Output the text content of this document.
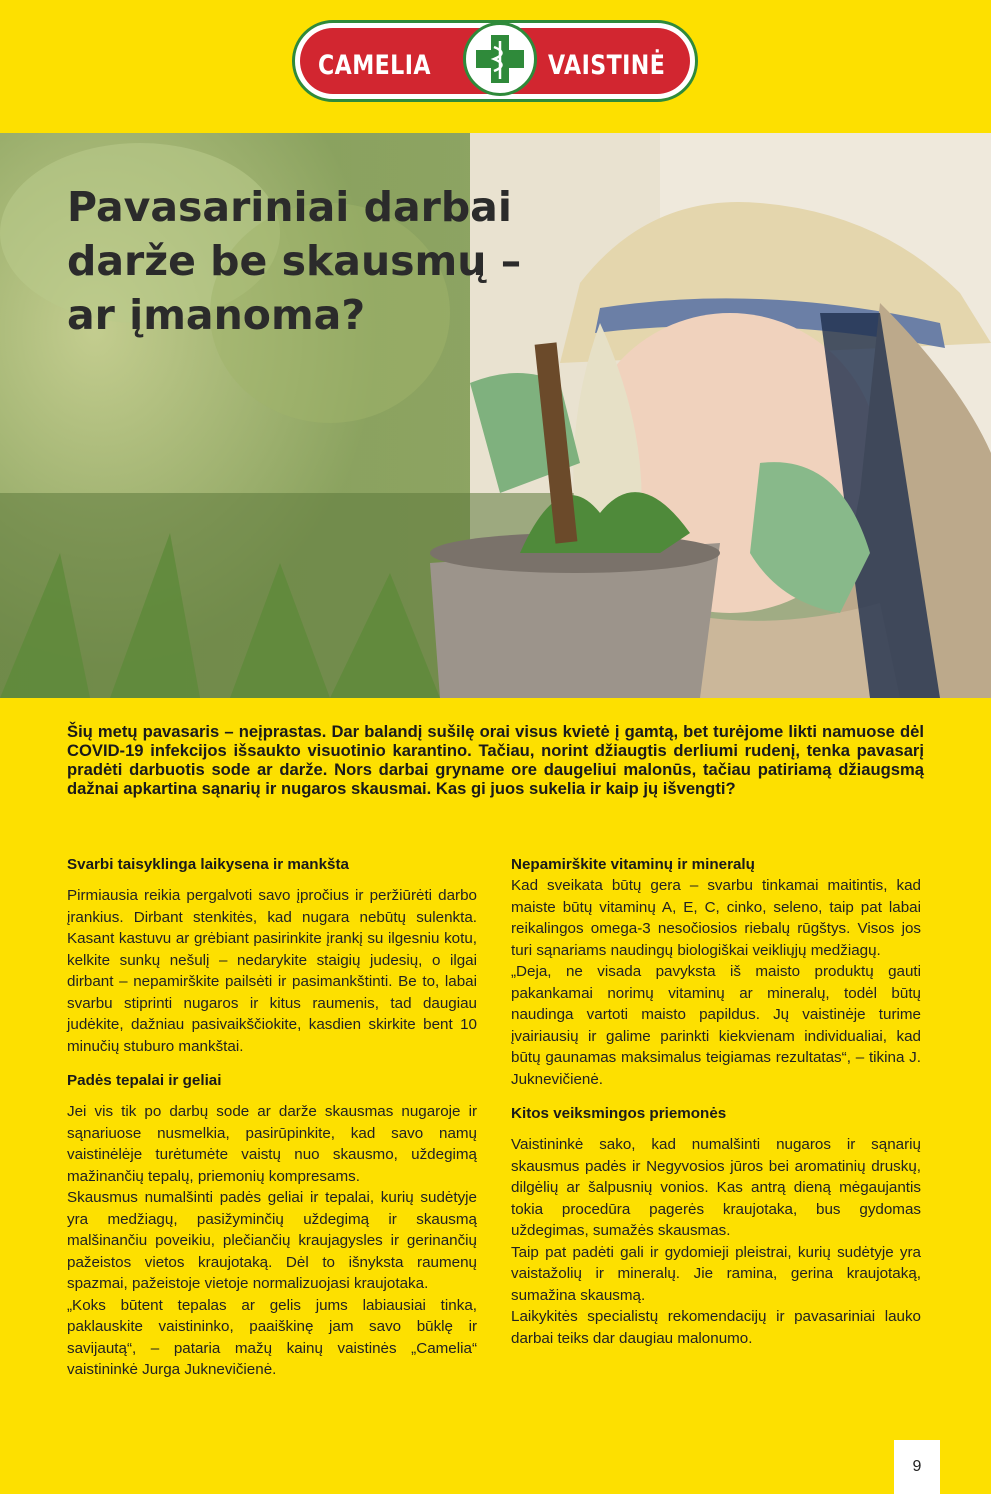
CAMELIA	VAISTINĖ
Pavasariniai darbai daržе be skausmų – ar įmanoma?

Šių metų pavasaris – neįprastas. Dar balandį sušilę orai visus kvietė į gamtą, bet turėjome likti namuose dėl COVID-19 infekcijos išsaukto visuotinio karantino. Tačiau, norint džiaugtis derliumi rudenį, tenka pavasarį pradėti darbuotis sode ar darže. Nors darbai gryname ore daugeliui malonūs, tačiau patiriamą džiaugsmą dažnai apkartina sąnarių ir nugaros skausmai. Kas gi juos sukelia ir kaip jų išvengti?

Svarbi taisyklinga laikysena ir mankšta

Pirmiausia reikia pergalvoti savo įpročius ir peržiūrėti darbo įrankius. Dirbant stenkitės, kad nugara nebūtų sulenkta. Kasant kastuvu ar grėbiant pasirinkite įrankį su ilgesniu kotu, kelkite sunkų nešulį – nedarykite staigių judesių, o ilgai dirbant – nepamirškite pailsėti ir pasimankštinti. Be to, labai svarbu stiprinti nugaros ir kitus raumenis, tad daugiau judėkite, dažniau pasivaikščiokite, kasdien skirkite bent 10 minučių stuburo mankštai.

Padės tepalai ir geliai

Jei vis tik po darbų sode ar darže skausmas nugaroje ir sąnariuose nusmelkia, pasirūpinkite, kad savo namų vaistinėlėje turėtumėte vaistų nuo skausmo, uždegimą mažinančių tepalų, priemonių kompresams.

Skausmus numalšinti padės geliai ir tepalai, kurių sudėtyje yra medžiagų, pasižyminčių uždegimą ir skausmą malšinančiu poveikiu, plečiančių kraujagysles ir gerinančių pažeistos vietos kraujotaką. Dėl to išnyksta raumenų spazmai, pažeistoje vietoje normalizuojasi kraujotaka.

„Koks būtent tepalas ar gelis jums labiausiai tinka, paklauskite vaistininko, paaiškinę jam savo būklę ir savijautą“, – pataria mažų kainų vaistinės „Camelia“ vaistininkė Jurga Juknevičienė.

Nepamirškite vitaminų ir mineralų

Kad sveikata būtų gera – svarbu tinkamai maitintis, kad maiste būtų vitaminų A, E, C, cinko, seleno, taip pat labai reikalingos omega-3 nesočiosios riebalų rūgštys. Visos jos turi sąnariams naudingų biologiškai veikliųjų medžiagų.

„Deja, ne visada pavyksta iš maisto produktų gauti pakankamai norimų vitaminų ar mineralų, todėl būtų naudinga vartoti maisto papildus. Jų vaistinėje turime įvairiausių ir galime parinkti kiekvienam individualiai, kad būtų gaunamas maksimalus teigiamas rezultatas“, – tikina J. Juknevičienė.

Kitos veiksmingos priemonės

Vaistininkė sako, kad numalšinti nugaros ir sąnarių skausmus padės ir Negyvosios jūros bei aromatinių druskų, dilgėlių ar šalpusnių vonios. Kas antrą dieną mėgaujantis tokia procedūra pagerės kraujotaka, bus gydomas uždegimas, sumažės skausmas.

Taip pat padėti gali ir gydomieji pleistrai, kurių sudėtyje yra vaistažolių ir mineralų. Jie ramina, gerina kraujotaką, sumažina skausmą.

Laikykitės specialistų rekomendacijų ir pavasariniai lauko darbai teiks dar daugiau malonumo.

9
